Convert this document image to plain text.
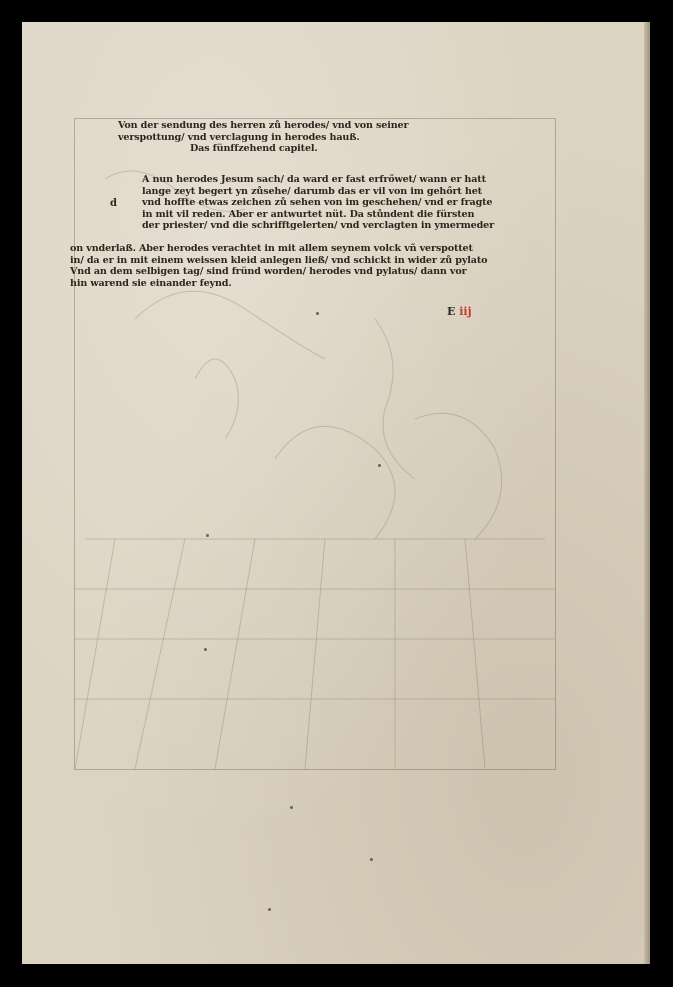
Von der sendung des herren zů herodes/ vnd von seiner
verspottung/ vnd verclagung in herodes hauß.
Das fünffzehend capitel.
d
A nun herodes Jesum sach/ da ward er fast erfrőwet/ wann er hatt
lange zeyt begert yn zůsehe/ darumb das er vil von im gehőrt het
vnd hoffte etwas zeichen zů sehen von im geschehen/ vnd er fragte
in mit vil reden. Aber er antwurtet nüt. Da stůndent die fürsten
der priester/ vnd die schrifftgelerten/ vnd verclagten in ymermeder
on vnderlaß. Aber herodes verachtet in mit allem seynem volck vñ verspottet
in/ da er in mit einem weissen kleid anlegen ließ/ vnd schickt in wider zů pylato
Vnd an dem selbigen tag/ sind fründ worden/ herodes vnd pylatus/ dann vor
hin warend sie einander feynd.
E iij
